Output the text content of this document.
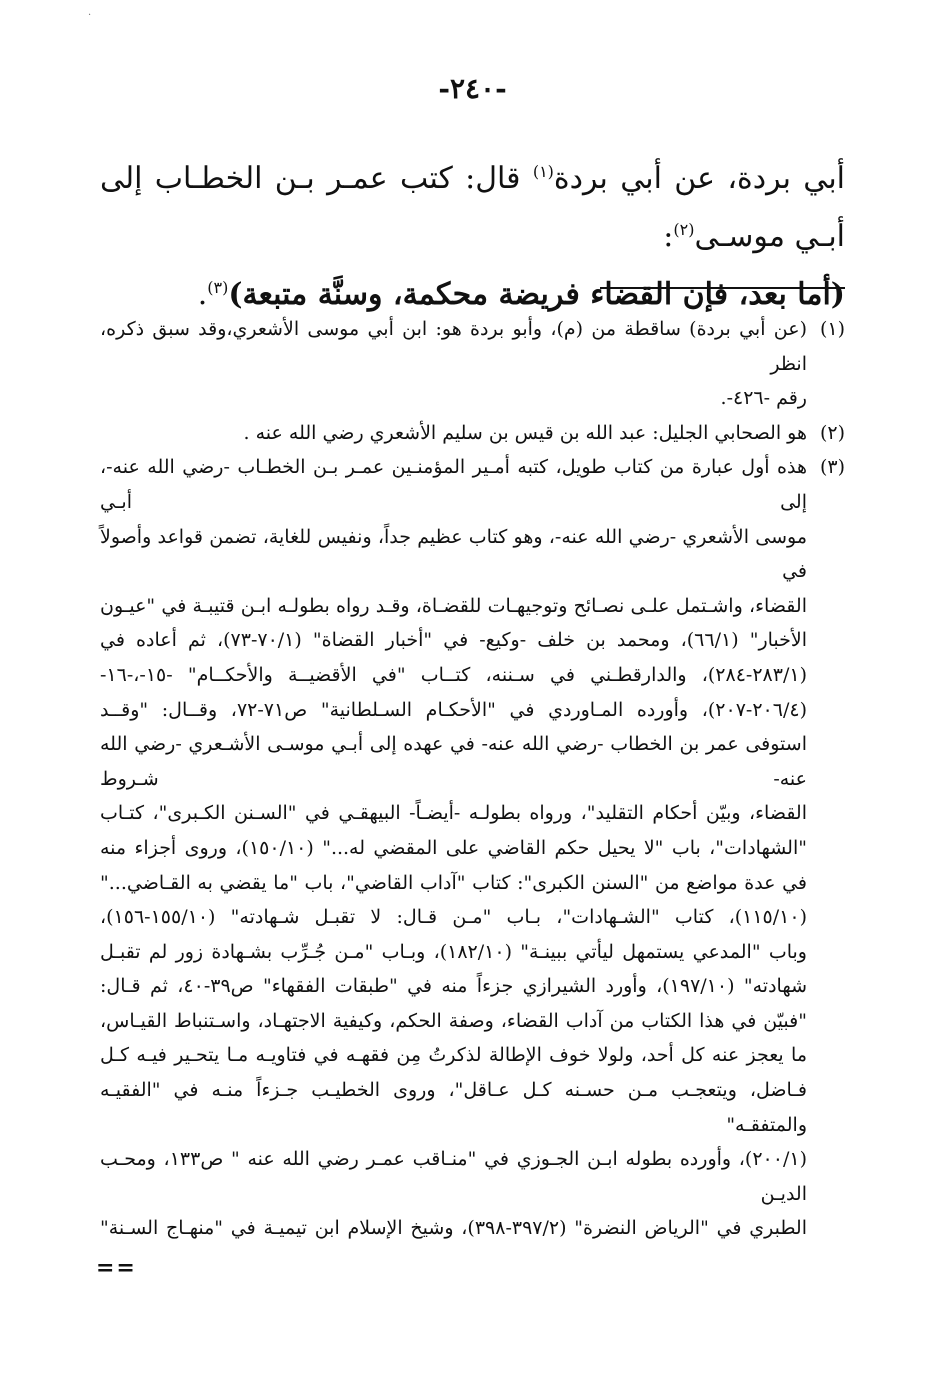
·
-٢٤٠-
أبي بردة، عن أبي بردة$^{(١)}$ قال: كتب عمـر بـن الخطـاب إلى أبـي موسـى$^{(٢)}$:
(أما بعد، فإن القضاء فريضة محكمة، وسنَّة متبعة)$^{(٣)}$.
(١)
(عن أبي بردة) ساقطة من (م)، وأبو بردة هو: ابن أبي موسى الأشعري،وقد سبق ذكره، انظر
رقم -٤٢٦-.
(٢)
هو الصحابي الجليل: عبد الله بن قيس بن سليم الأشعري رضي الله عنه .
(٣)
هذه أول عبارة من كتاب طويل، كتبه أمـير المؤمنـين عمـر بـن الخطـاب -رضي الله عنه-، إلى أبـي
موسى الأشعري -رضي الله عنه-، وهو كتاب عظيم جداً، ونفيس للغاية، تضمن قواعد وأصولاً في
القضاء، واشـتمل علـى نصـائح وتوجيهـات للقضـاة، وقـد رواه بطولـه ابـن قتيبـة في "عيـون
الأخبار" (٦٦/١)، ومحمد بن خلف -وكيع- في "أخبار القضاة" (٧٠/١-٧٣)، ثم أعاده في
(٢٨٣/١-٢٨٤)، والدارقطـني في سـننه، كتــاب "في الأقضيــة والأحكــام" -١٥-،-١٦-
(٢٠٦/٤-٢٠٧)، وأورده المـاوردي في "الأحكـام السـلطانية" ص٧١-٧٢، وقــال: "وقــد
استوفى عمر بن الخطاب -رضي الله عنه- في عهده إلى أبـي موسـى الأشـعري -رضي الله عنه- شـروط
القضاء، وبيّن أحكام التقليد"، ورواه بطولـه -أيضـاً- البيهقـي في "السـنن الكـبرى"، كتـاب
"الشهادات"، باب "لا يحيل حكم القاضي على المقضي له..." (١٥٠/١٠)، وروى أجزاء منه
في عدة مواضع من "السنن الكبرى": كتاب "آداب القاضي"، باب "ما يقضي به القـاضي..."
(١١٥/١٠)، كتاب "الشـهادات"، بـاب "مـن قـال: لا تقبـل شـهادته" (١٥٥/١٠-١٥٦)،
وباب "المدعي يستمهل ليأتي ببينـة" (١٨٢/١٠)، وبـاب "مـن جُـرِّب بشـهادة زور لم تقبـل
شهادته" (١٩٧/١٠)، وأورد الشيرازي جزءاً منه في "طبقات الفقهاء" ص٣٩-٤٠، ثم قـال:
"فبيّن في هذا الكتاب من آداب القضاء، وصفة الحكم، وكيفية الاجتهـاد، واسـتنباط القيـاس،
ما يعجز عنه كل أحد، ولولا خوف الإطالة لذكرتُ مِن فقهـه في فتاويـه مـا يتحـير فيـه كـل
فـاضل، ويتعجـب مـن حسـنه كـل عـاقل"، وروى الخطيـب جـزءاً منـه في "الفقيـه والمتفقـه"
(٢٠٠/١)، وأورده بطوله ابـن الجـوزي في "منـاقب عمـر رضي الله عنه " ص١٣٣، ومحـب الديـن
الطبري في "الرياض النضرة" (٣٩٧/٢-٣٩٨)، وشيخ الإسلام ابن تيميـة في "منهـاج السـنة"
==
